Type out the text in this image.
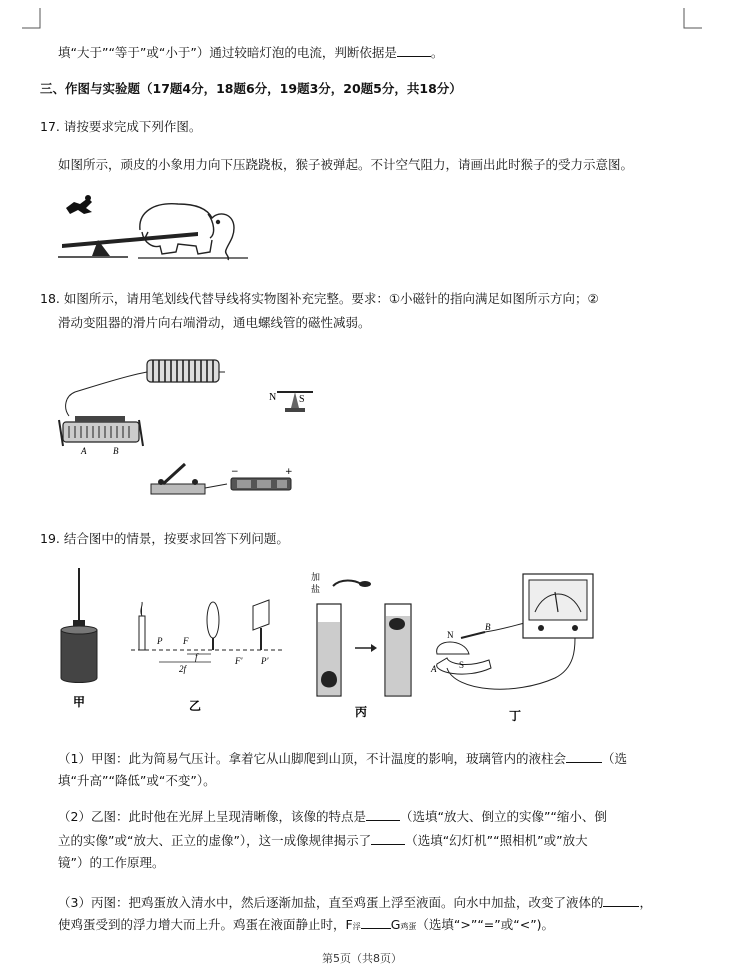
填“大于”“等于”或“小于”）通过较暗灯泡的电流，判断依据是	。
三、作图与实验题（17题4分，18题6分，19题3分，20题5分，共18分）
17. 请按要求完成下列作图。
如图所示，顽皮的小象用力向下压跷跷板，猴子被弹起。不计空气阻力，请画出此时猴子的受力示意图。
18. 如图所示，请用笔划线代替导线将实物图补充完整。要求：①小磁针的指向满足如图所示方向；②
滑动变阻器的滑片向右端滑动，通电螺线管的磁性减弱。
A	B
N S
−	+
19. 结合图中的情景，按要求回答下列问题。
甲
P F
F' P'
f
2f
乙
加
盐
丙
N
B
A	S
丁
（1）甲图：此为简易气压计。拿着它从山脚爬到山顶，不计温度的影响，玻璃管内的液柱会	（选
填“升高”“降低”或“不变”）。
（2）乙图：此时他在光屏上呈现清晰像，该像的特点是	（选填“放大、倒立的实像”“缩小、倒
立的实像”或“放大、正立的虚像”），这一成像规律揭示了	（选填“幻灯机”“照相机”或”放大
镜”）的工作原理。
（3）丙图：把鸡蛋放入清水中，然后逐渐加盐，直至鸡蛋上浮至液面。向水中加盐，改变了液体的	，
使鸡蛋受到的浮力增大而上升。鸡蛋在液面静止时，F浮 G鸡蛋（选填“>”“=”或“<”)。
第5页（共8页）
